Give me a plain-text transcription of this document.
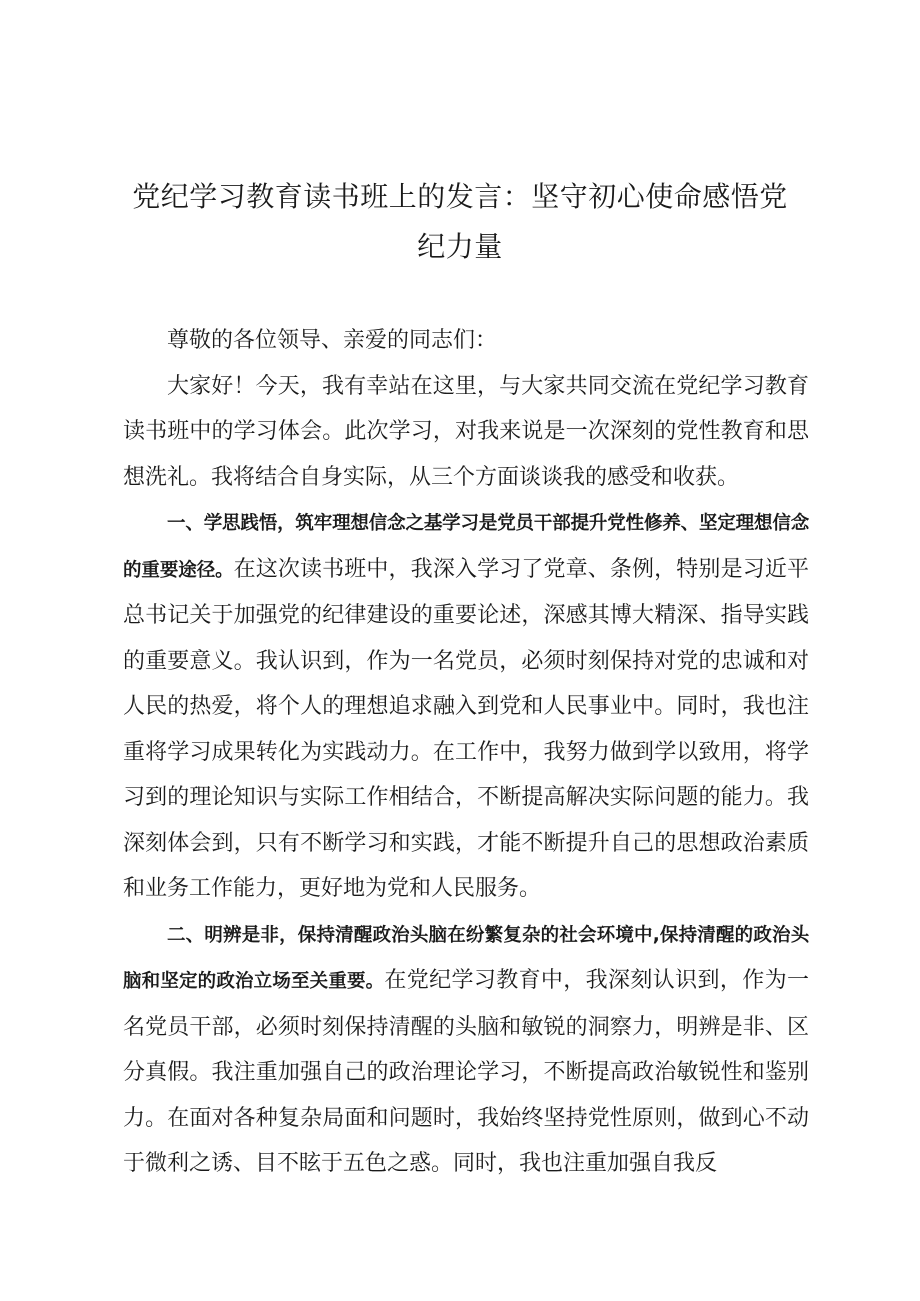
党纪学习教育读书班上的发言：坚守初心使命感悟党纪力量

尊敬的各位领导、亲爱的同志们：

大家好！今天，我有幸站在这里，与大家共同交流在党纪学习教育读书班中的学习体会。此次学习，对我来说是一次深刻的党性教育和思想洗礼。我将结合自身实际，从三个方面谈谈我的感受和收获。

一、学思践悟，筑牢理想信念之基学习是党员干部提升党性修养、坚定理想信念的重要途径。在这次读书班中，我深入学习了党章、条例，特别是习近平总书记关于加强党的纪律建设的重要论述，深感其博大精深、指导实践的重要意义。我认识到，作为一名党员，必须时刻保持对党的忠诚和对人民的热爱，将个人的理想追求融入到党和人民事业中。同时，我也注重将学习成果转化为实践动力。在工作中，我努力做到学以致用，将学习到的理论知识与实际工作相结合，不断提高解决实际问题的能力。我深刻体会到，只有不断学习和实践，才能不断提升自己的思想政治素质和业务工作能力，更好地为党和人民服务。

二、明辨是非，保持清醒政治头脑在纷繁复杂的社会环境中,保持清醒的政治头脑和坚定的政治立场至关重要。在党纪学习教育中，我深刻认识到，作为一名党员干部，必须时刻保持清醒的头脑和敏锐的洞察力，明辨是非、区分真假。我注重加强自己的政治理论学习，不断提高政治敏锐性和鉴别力。在面对各种复杂局面和问题时，我始终坚持党性原则，做到心不动于微利之诱、目不眩于五色之惑。同时，我也注重加强自我反
